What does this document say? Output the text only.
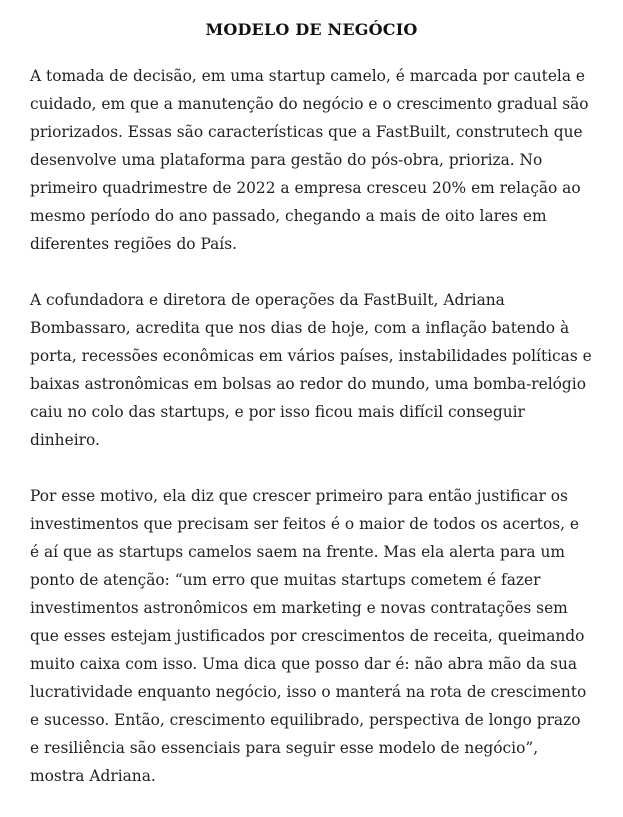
MODELO DE NEGÓCIO

A tomada de decisão, em uma startup camelo, é marcada por cautela e cuidado, em que a manutenção do negócio e o crescimento gradual são priorizados. Essas são características que a FastBuilt, construtech que desenvolve uma plataforma para gestão do pós-obra, prioriza. No primeiro quadrimestre de 2022 a empresa cresceu 20% em relação ao mesmo período do ano passado, chegando a mais de oito lares em diferentes regiões do País.

A cofundadora e diretora de operações da FastBuilt, Adriana Bombassaro, acredita que nos dias de hoje, com a inflação batendo à porta, recessões econômicas em vários países, instabilidades políticas e baixas astronômicas em bolsas ao redor do mundo, uma bomba-relógio caiu no colo das startups, e por isso ficou mais difícil conseguir dinheiro.

Por esse motivo, ela diz que crescer primeiro para então justificar os investimentos que precisam ser feitos é o maior de todos os acertos, e é aí que as startups camelos saem na frente. Mas ela alerta para um ponto de atenção: “um erro que muitas startups cometem é fazer investimentos astronômicos em marketing e novas contratações sem que esses estejam justificados por crescimentos de receita, queimando muito caixa com isso. Uma dica que posso dar é: não abra mão da sua lucratividade enquanto negócio, isso o manterá na rota de crescimento e sucesso. Então, crescimento equilibrado, perspectiva de longo prazo e resiliência são essenciais para seguir esse modelo de negócio”, mostra Adriana.
